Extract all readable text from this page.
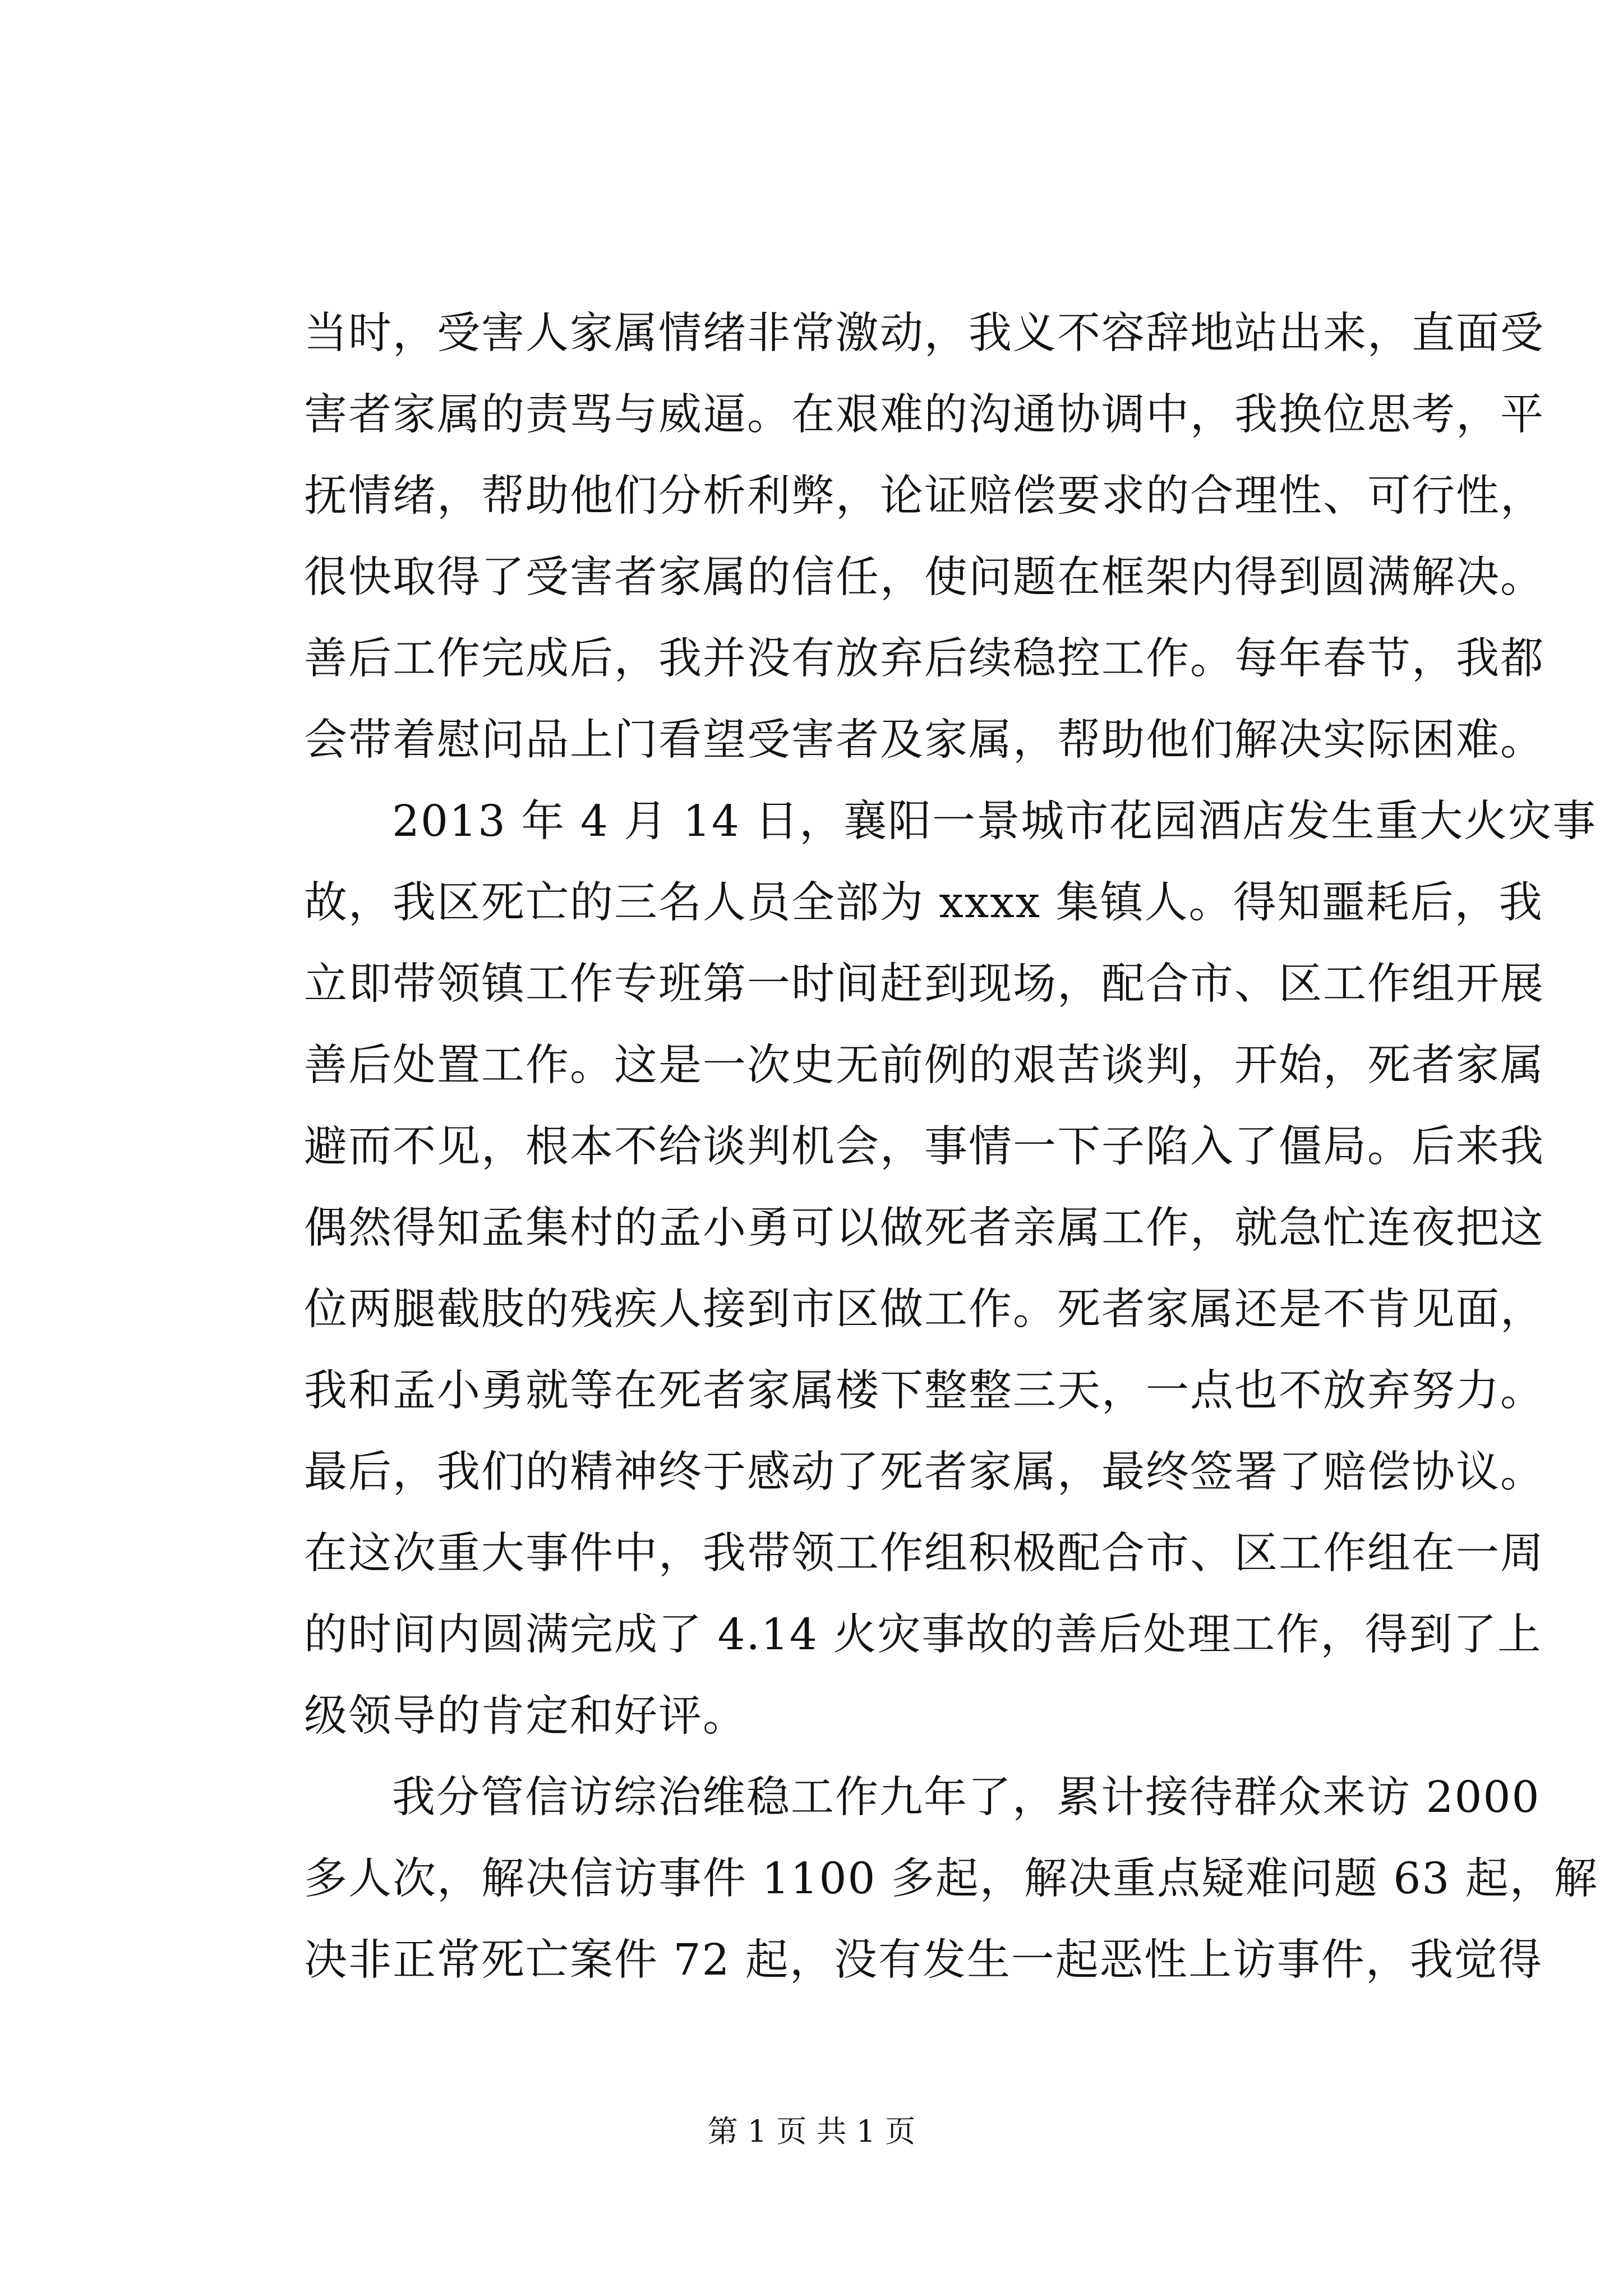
当时，受害人家属情绪非常激动，我义不容辞地站出来，直面受
害者家属的责骂与威逼。在艰难的沟通协调中，我换位思考，平
抚情绪，帮助他们分析利弊，论证赔偿要求的合理性、可行性，
很快取得了受害者家属的信任，使问题在框架内得到圆满解决。
善后工作完成后，我并没有放弃后续稳控工作。每年春节，我都
会带着慰问品上门看望受害者及家属，帮助他们解决实际困难。
2013 年 4 月 14 日，襄阳一景城市花园酒店发生重大火灾事
故，我区死亡的三名人员全部为 xxxx 集镇人。得知噩耗后，我
立即带领镇工作专班第一时间赶到现场，配合市、区工作组开展
善后处置工作。这是一次史无前例的艰苦谈判，开始，死者家属
避而不见，根本不给谈判机会，事情一下子陷入了僵局。后来我
偶然得知孟集村的孟小勇可以做死者亲属工作，就急忙连夜把这
位两腿截肢的残疾人接到市区做工作。死者家属还是不肯见面，
我和孟小勇就等在死者家属楼下整整三天，一点也不放弃努力。
最后，我们的精神终于感动了死者家属，最终签署了赔偿协议。
在这次重大事件中，我带领工作组积极配合市、区工作组在一周
的时间内圆满完成了 4.14 火灾事故的善后处理工作，得到了上
级领导的肯定和好评。
我分管信访综治维稳工作九年了，累计接待群众来访 2000
多人次，解决信访事件 1100 多起，解决重点疑难问题 63 起，解
决非正常死亡案件 72 起，没有发生一起恶性上访事件，我觉得
第 1 页 共 1 页
